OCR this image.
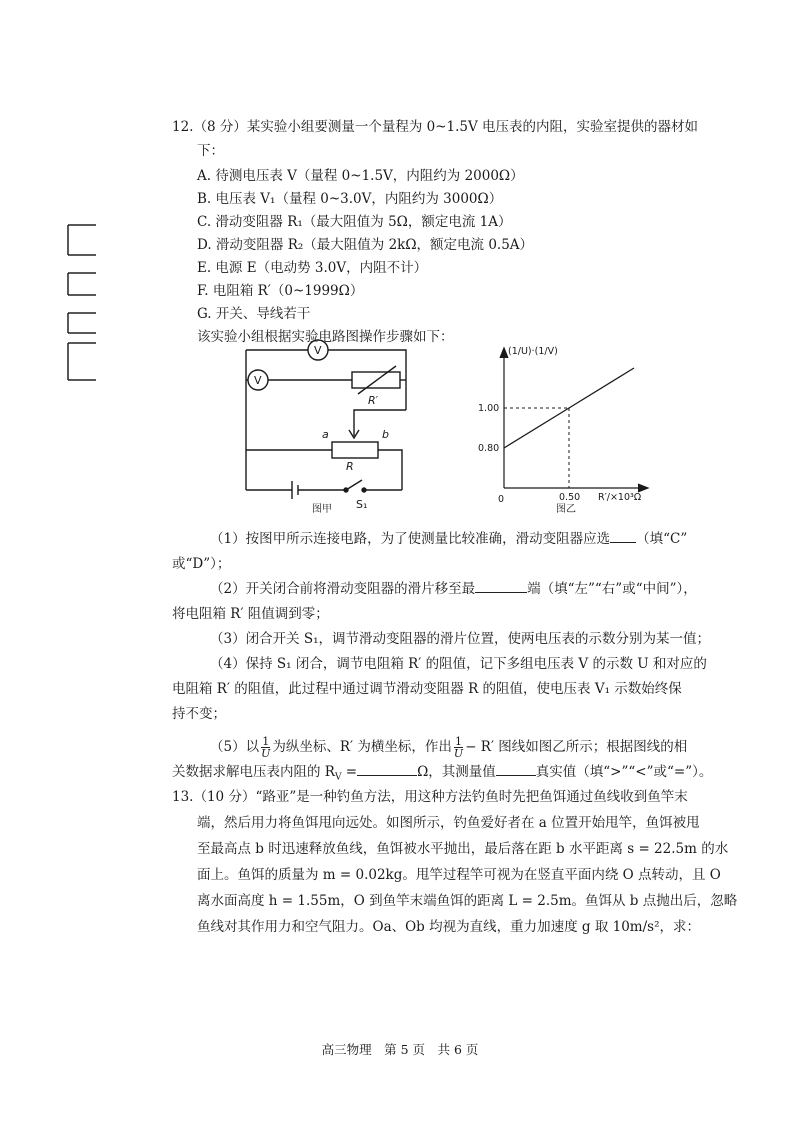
12.（8 分）某实验小组要测量一个量程为 0~1.5V 电压表的内阻，实验室提供的器材如
下：
A. 待测电压表 V（量程 0~1.5V，内阻约为 2000Ω）
B. 电压表 V₁（量程 0~3.0V，内阻约为 3000Ω）
C. 滑动变阻器 R₁（最大阻值为 5Ω，额定电流 1A）
D. 滑动变阻器 R₂（最大阻值为 2kΩ，额定电流 0.5A）
E. 电源 E（电动势 3.0V，内阻不计）
F. 电阻箱 R′（0~1999Ω）
G. 开关、导线若干
该实验小组根据实验电路图操作步骤如下：
V
V
R′
a	b
R
图甲 S₁
(1/U)·(1/V)
1.00
0.80
0	0.50 R′/×10³Ω
图乙
（1）按图甲所示连接电路，为了使测量比较准确，滑动变阻器应选 （填“C”
或“D”）；
（2）开关闭合前将滑动变阻器的滑片移至最	端（填“左”“右”或“中间”），
将电阻箱 R′ 阻值调到零；
（3）闭合开关 S₁，调节滑动变阻器的滑片位置，使两电压表的示数分别为某一值；
（4）保持 S₁ 闭合，调节电阻箱 R′ 的阻值，记下多组电压表 V 的示数 U 和对应的
电阻箱 R′ 的阻值，此过程中通过调节滑动变阻器 R 的阻值，使电压表 V₁ 示数始终保
持不变；
（5）以 $\frac{1}{U}$ 为纵坐标、R′ 为横坐标，作出 $\frac{1}{U} - R'$ 图线如图乙所示；根据图线的相
关数据求解电压表内阻的 $R_V$ =	Ω，其测量值	真实值（填“>”“<”或“=”）。
13.（10 分）“路亚”是一种钓鱼方法，用这种方法钓鱼时先把鱼饵通过鱼线收到鱼竿末
端，然后用力将鱼饵甩向远处。如图所示，钓鱼爱好者在 a 位置开始甩竿，鱼饵被甩
至最高点 b 时迅速释放鱼线，鱼饵被水平抛出，最后落在距 b 水平距离 s = 22.5m 的水
面上。鱼饵的质量为 m = 0.02kg。甩竿过程竿可视为在竖直平面内绕 O 点转动，且 O
离水面高度 h = 1.55m，O 到鱼竿末端鱼饵的距离 L = 2.5m。鱼饵从 b 点抛出后，忽略
鱼线对其作用力和空气阻力。Oa、Ob 均视为直线，重力加速度 g 取 10m/s²，求：
高三物理　第 5 页　共 6 页
